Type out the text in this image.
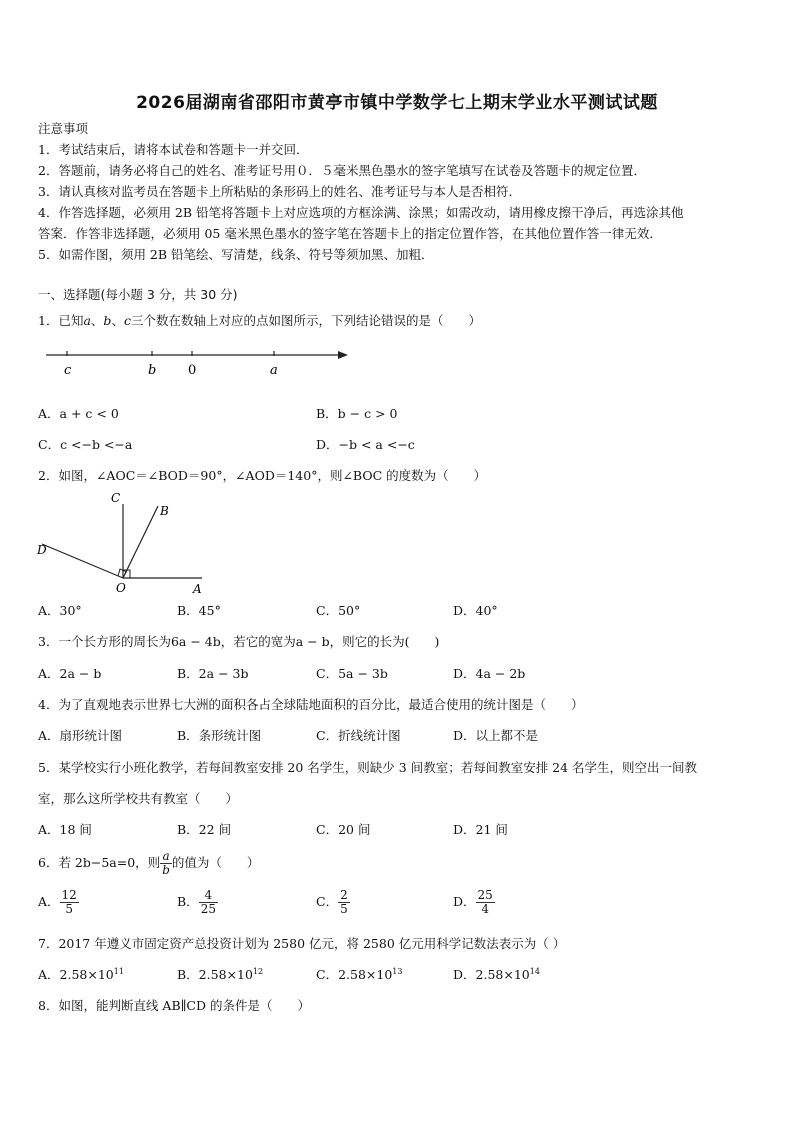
2026届湖南省邵阳市黄亭市镇中学数学七上期末学业水平测试试题
注意事项
1．考试结束后，请将本试卷和答题卡一并交回．
2．答题前，请务必将自己的姓名、准考证号用０．５毫米黑色墨水的签字笔填写在试卷及答题卡的规定位置．
3．请认真核对监考员在答题卡上所粘贴的条形码上的姓名、准考证号与本人是否相符．
4．作答选择题，必须用 2B 铅笔将答题卡上对应选项的方框涂满、涂黑；如需改动，请用橡皮擦干净后，再选涂其他
答案．作答非选择题，必须用 05 毫米黑色墨水的签字笔在答题卡上的指定位置作答，在其他位置作答一律无效．
5．如需作图，须用 2B 铅笔绘、写清楚，线条、符号等须加黑、加粗．
一、选择题(每小题 3 分，共 30 分)
1．已知a、b、c三个数在数轴上对应的点如图所示，下列结论错误的是（　　）
c	b 0	a
A．a + c < 0	B．b − c > 0
C．c <−b <−a	D．−b < a <−c
2．如图，∠AOC＝∠BOD＝90°，∠AOD＝140°，则∠BOC 的度数为（　　）
C
B
D
O	A
A．30°	B．45°	C．50°	D．40°
3．一个长方形的周长为6a − 4b，若它的宽为a − b，则它的长为(　　)
A．2a − b	B．2a − 3b	C．5a − 3b	D．4a − 2b
4．为了直观地表示世界七大洲的面积各占全球陆地面积的百分比，最适合使用的统计图是（　　）
A．扇形统计图	B．条形统计图	C．折线统计图	D．以上都不是
5．某学校实行小班化教学，若每间教室安排 20 名学生，则缺少 3 间教室；若每间教室安排 24 名学生，则空出一间教
室，那么这所学校共有教室（　　）
A．18 间	B．22 间	C．20 间	D．21 间
6．若 2b−5a=0，则 $\frac{a}{b}$ 的值为（　　）
A． $\frac{12}{5}$	B． $\frac{4}{25}$	C． $\frac{2}{5}$	D． $\frac{25}{4}$
7．2017 年遵义市固定资产总投资计划为 2580 亿元，将 2580 亿元用科学记数法表示为（ ）
A．$2.58\times 10^{11}$	B．$2.58\times 10^{12}$	C．$2.58\times 10^{13}$	D．$2.58\times 10^{14}$
8．如图，能判断直线 AB∥CD 的条件是（　　）
